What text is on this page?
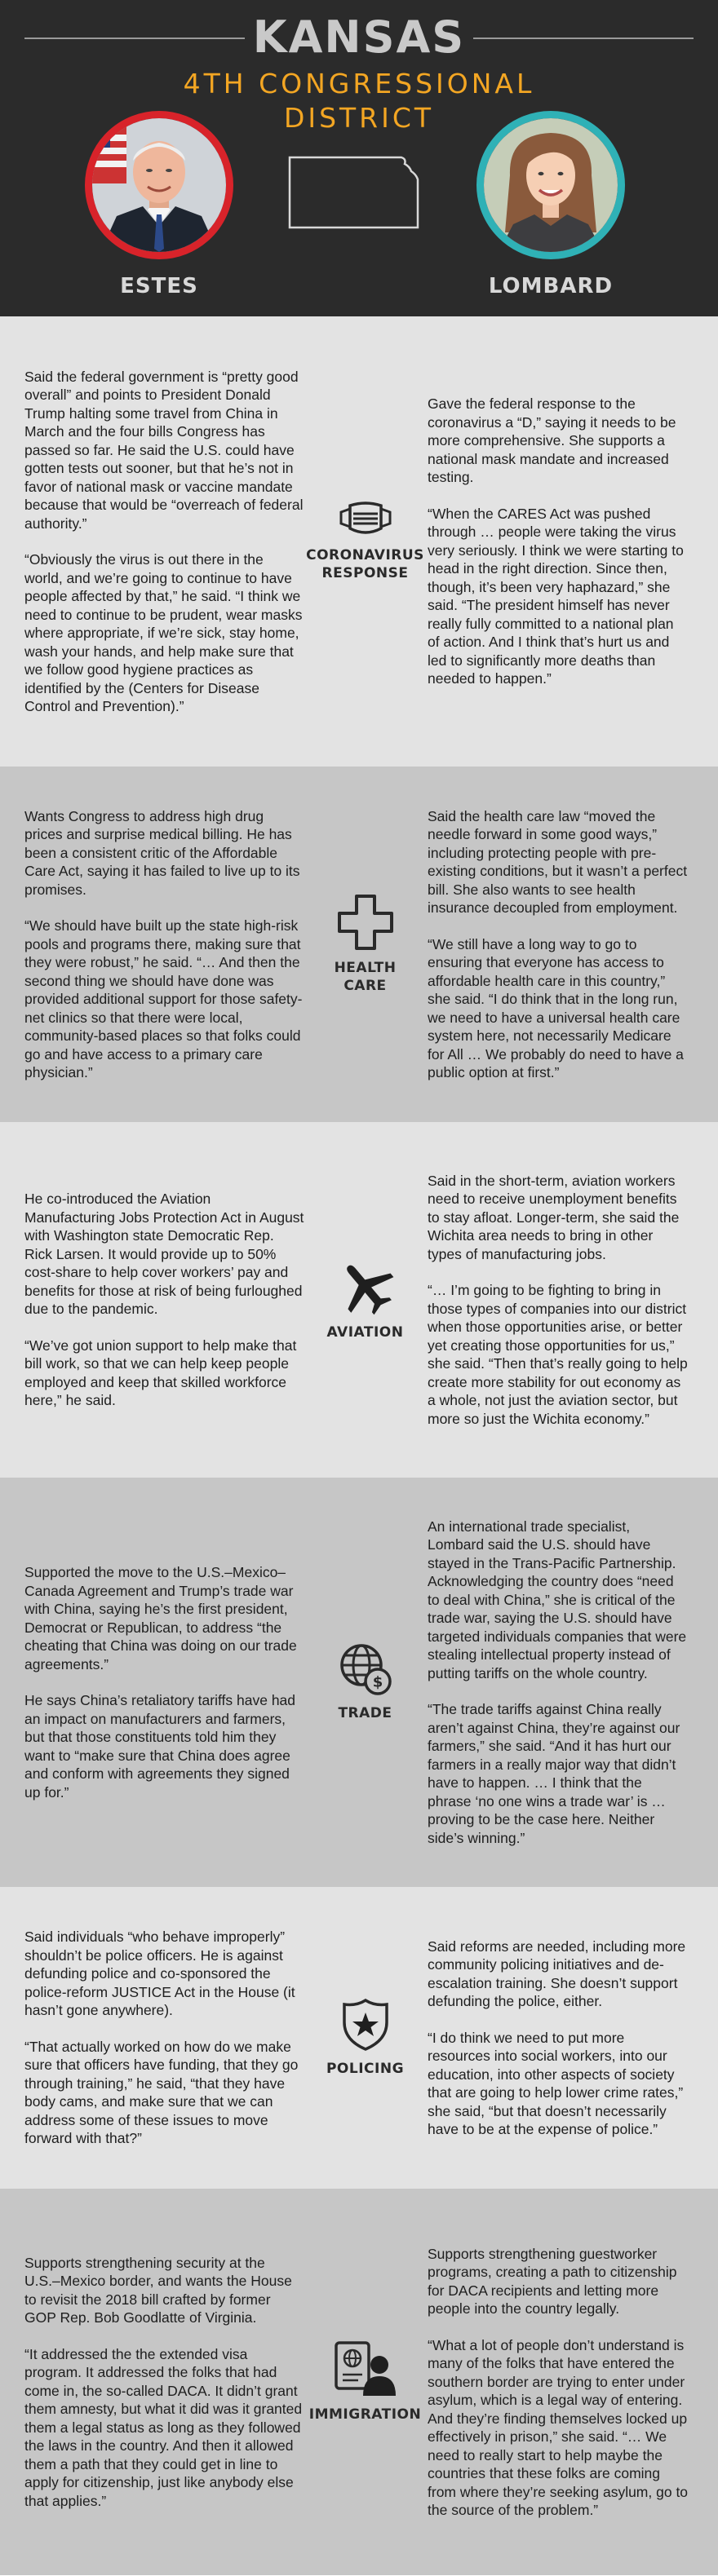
KANSAS
4TH CONGRESSIONAL
DISTRICT
ESTES	LOMBARD

Said the federal government is “pretty good overall” and points to President Donald Trump halting some travel from China in March and the four bills Congress has passed so far. He said the U.S. could have gotten tests out sooner, but that he’s not in favor of national mask or vaccine mandate because that would be “overreach of federal authority.”

“Obviously the virus is out there in the world, and we’re going to continue to have people affected by that,” he said. “I think we need to continue to be prudent, wear masks where appropriate, if we’re sick, stay home, wash your hands, and help make sure that we follow good hygiene practices as identified by the (Centers for Disease Control and Prevention).”

CORONAVIRUS
RESPONSE

Gave the federal response to the coronavirus a “D,” saying it needs to be more comprehensive. She supports a national mask mandate and increased testing.

“When the CARES Act was pushed through … people were taking the virus very seriously. I think we were starting to head in the right direction. Since then, though, it’s been very haphazard,” she said. “The president himself has never really fully committed to a national plan of action. And I think that’s hurt us and led to significantly more deaths than needed to happen.”

Wants Congress to address high drug prices and surprise medical billing. He has been a consistent critic of the Affordable Care Act, saying it has failed to live up to its promises.

“We should have built up the state high-risk pools and programs there, making sure that they were robust,” he said. “… And then the second thing we should have done was provided additional support for those safety-net clinics so that there were local, community-based places so that folks could go and have access to a primary care physician.”

HEALTH
CARE

Said the health care law “moved the needle forward in some good ways,” including protecting people with pre-existing conditions, but it wasn’t a perfect bill. She also wants to see health insurance decoupled from employment.

“We still have a long way to go to ensuring that everyone has access to affordable health care in this country,” she said. “I do think that in the long run, we need to have a universal health care system here, not necessarily Medicare for All … We probably do need to have a public option at first.”

He co-introduced the Aviation Manufacturing Jobs Protection Act in August with Washington state Democratic Rep. Rick Larsen. It would provide up to 50% cost-share to help cover workers’ pay and benefits for those at risk of being furloughed due to the pandemic.

“We’ve got union support to help make that bill work, so that we can help keep people employed and keep that skilled workforce here,” he said.

AVIATION

Said in the short-term, aviation workers need to receive unemployment benefits to stay afloat. Longer-term, she said the Wichita area needs to bring in other types of manufacturing jobs.

“… I’m going to be fighting to bring in those types of companies into our district when those opportunities arise, or better yet creating those opportunities for us,” she said. “Then that’s really going to help create more stability for out economy as a whole, not just the aviation sector, but more so just the Wichita economy.”

Supported the move to the U.S.–Mexico–Canada Agreement and Trump’s trade war with China, saying he’s the first president, Democrat or Republican, to address “the cheating that China was doing on our trade agreements.”

He says China’s retaliatory tariffs have had an impact on manufacturers and farmers, but that those constituents told him they want to “make sure that China does agree and conform with agreements they signed up for.”

$
TRADE

An international trade specialist, Lombard said the U.S. should have stayed in the Trans-Pacific Partnership. Acknowledging the country does “need to deal with China,” she is critical of the trade war, saying the U.S. should have targeted individuals companies that were stealing intellectual property instead of putting tariffs on the whole country.

“The trade tariffs against China really aren’t against China, they’re against our farmers,” she said. “And it has hurt our farmers in a really major way that didn’t have to happen. … I think that the phrase ‘no one wins a trade war’ is … proving to be the case here. Neither side’s winning.”

Said individuals “who behave improperly” shouldn’t be police officers. He is against defunding police and co-sponsored the police-reform JUSTICE Act in the House (it hasn’t gone anywhere).

“That actually worked on how do we make sure that officers have funding, that they go through training,” he said, “that they have body cams, and make sure that we can address some of these issues to move forward with that?”

POLICING

Said reforms are needed, including more community policing initiatives and de-escalation training. She doesn’t support defunding the police, either.

“I do think we need to put more resources into social workers, into our education, into other aspects of society that are going to help lower crime rates,” she said, “but that doesn’t necessarily have to be at the expense of police.”

Supports strengthening security at the U.S.–Mexico border, and wants the House to revisit the 2018 bill crafted by former GOP Rep. Bob Goodlatte of Virginia.

“It addressed the the extended visa program. It addressed the folks that had come in, the so-called DACA. It didn’t grant them amnesty, but what it did was it granted them a legal status as long as they followed the laws in the country. And then it allowed them a path that they could get in line to apply for citizenship, just like anybody else that applies.”

IMMIGRATION

Supports strengthening guestworker programs, creating a path to citizenship for DACA recipients and letting more people into the country legally.

“What a lot of people don’t understand is many of the folks that have entered the southern border are trying to enter under asylum, which is a legal way of entering. And they’re finding themselves locked up effectively in prison,” she said. “… We need to really start to help maybe the countries that these folks are coming from where they’re seeking asylum, go to the source of the problem.”
